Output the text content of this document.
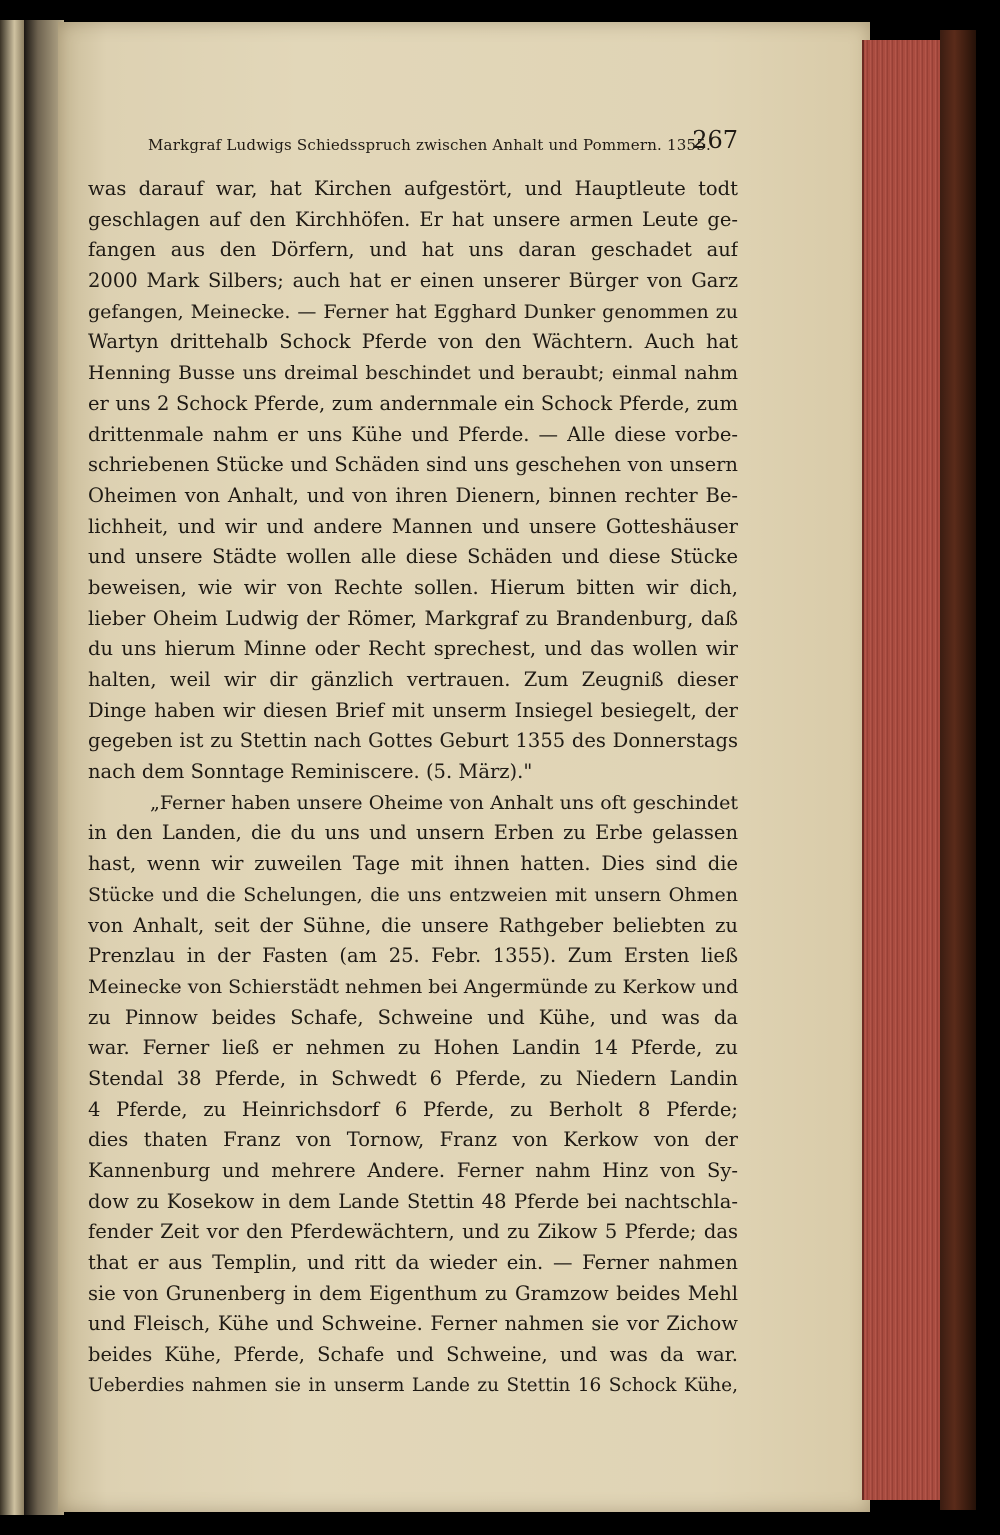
Markgraf Ludwigs Schiedsspruch zwischen Anhalt und Pommern. 1355.
267
was darauf war, hat Kirchen aufgestört, und Hauptleute todt
geschlagen auf den Kirchhöfen. Er hat unsere armen Leute ge-
fangen aus den Dörfern, und hat uns daran geschadet auf
2000 Mark Silbers; auch hat er einen unserer Bürger von Garz
gefangen, Meinecke. — Ferner hat Egghard Dunker genommen zu
Wartyn drittehalb Schock Pferde von den Wächtern. Auch hat
Henning Busse uns dreimal beschindet und beraubt; einmal nahm
er uns 2 Schock Pferde, zum andernmale ein Schock Pferde, zum
drittenmale nahm er uns Kühe und Pferde. — Alle diese vorbe-
schriebenen Stücke und Schäden sind uns geschehen von unsern
Oheimen von Anhalt, und von ihren Dienern, binnen rechter Be-
lichheit, und wir und andere Mannen und unsere Gotteshäuser
und unsere Städte wollen alle diese Schäden und diese Stücke
beweisen, wie wir von Rechte sollen. Hierum bitten wir dich,
lieber Oheim Ludwig der Römer, Markgraf zu Brandenburg, daß
du uns hierum Minne oder Recht sprechest, und das wollen wir
halten, weil wir dir gänzlich vertrauen. Zum Zeugniß dieser
Dinge haben wir diesen Brief mit unserm Insiegel besiegelt, der
gegeben ist zu Stettin nach Gottes Geburt 1355 des Donnerstags
nach dem Sonntage Reminiscere. (5. März)."
„Ferner haben unsere Oheime von Anhalt uns oft geschindet
in den Landen, die du uns und unsern Erben zu Erbe gelassen
hast, wenn wir zuweilen Tage mit ihnen hatten. Dies sind die
Stücke und die Schelungen, die uns entzweien mit unsern Ohmen
von Anhalt, seit der Sühne, die unsere Rathgeber beliebten zu
Prenzlau in der Fasten (am 25. Febr. 1355). Zum Ersten ließ
Meinecke von Schierstädt nehmen bei Angermünde zu Kerkow und
zu Pinnow beides Schafe, Schweine und Kühe, und was da
war. Ferner ließ er nehmen zu Hohen Landin 14 Pferde, zu
Stendal 38 Pferde, in Schwedt 6 Pferde, zu Niedern Landin
4 Pferde, zu Heinrichsdorf 6 Pferde, zu Berholt 8 Pferde;
dies thaten Franz von Tornow, Franz von Kerkow von der
Kannenburg und mehrere Andere. Ferner nahm Hinz von Sy-
dow zu Kosekow in dem Lande Stettin 48 Pferde bei nachtschla-
fender Zeit vor den Pferdewächtern, und zu Zikow 5 Pferde; das
that er aus Templin, und ritt da wieder ein. — Ferner nahmen
sie von Grunenberg in dem Eigenthum zu Gramzow beides Mehl
und Fleisch, Kühe und Schweine. Ferner nahmen sie vor Zichow
beides Kühe, Pferde, Schafe und Schweine, und was da war.
Ueberdies nahmen sie in unserm Lande zu Stettin 16 Schock Kühe,
